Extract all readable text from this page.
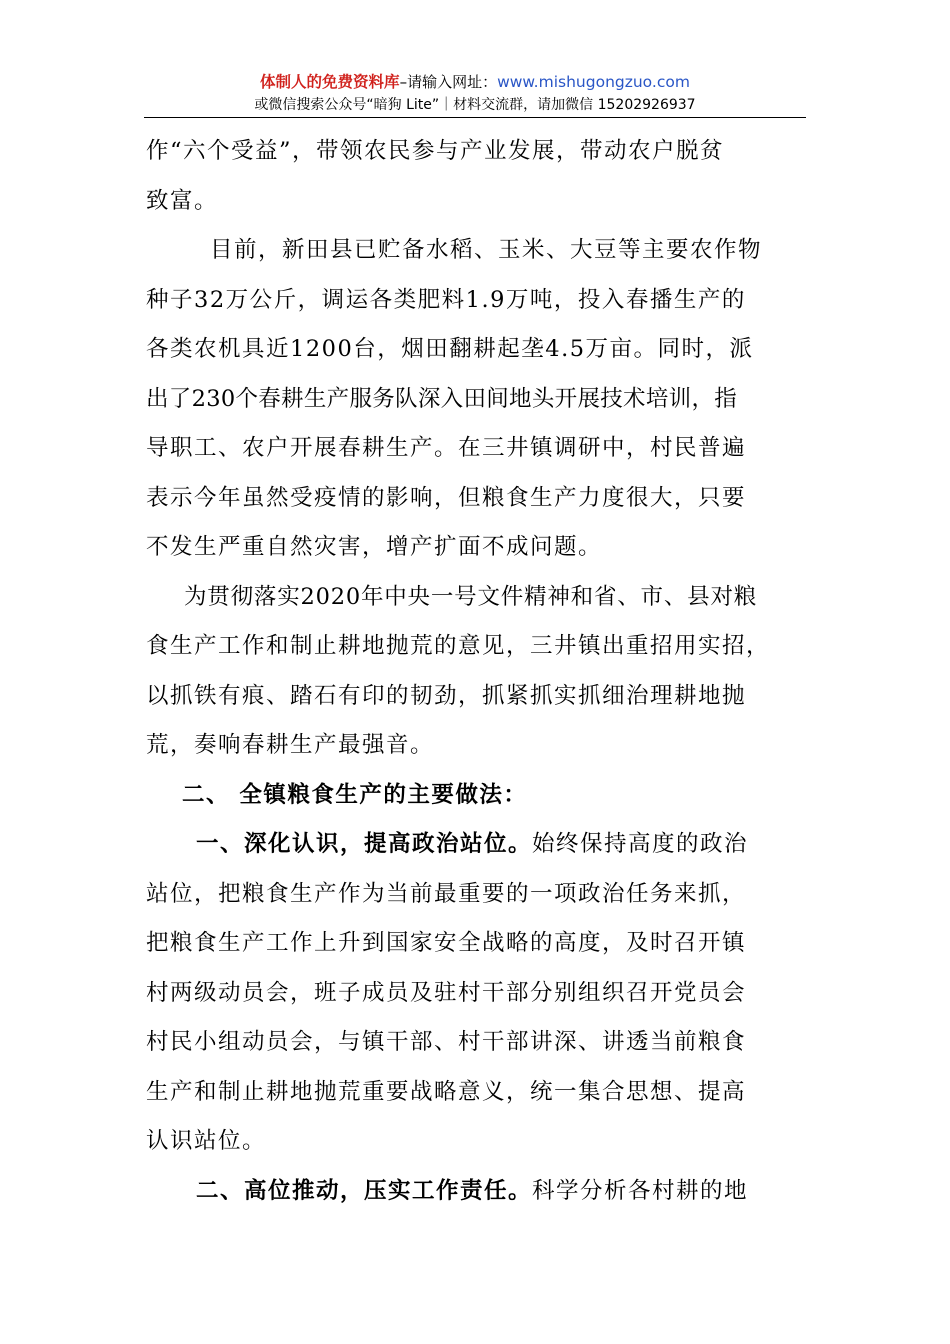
体制人的免费资料库–请输入网址：www.mishugongzuo.com
或微信搜索公众号“暗狗 Lite”｜材料交流群，请加微信 15202926937

作“六个受益”，带领农民参与产业发展，带动农户脱贫

致富。

目前，新田县已贮备水稻、玉米、大豆等主要农作物

种子32万公斤，调运各类肥料1.9万吨，投入春播生产的

各类农机具近1200台，烟田翻耕起垄4.5万亩。同时，派

出了230个春耕生产服务队深入田间地头开展技术培训，指

导职工、农户开展春耕生产。在三井镇调研中，村民普遍

表示今年虽然受疫情的影响，但粮食生产力度很大，只要

不发生严重自然灾害，增产扩面不成问题。

为贯彻落实2020年中央一号文件精神和省、市、县对粮

食生产工作和制止耕地抛荒的意见，三井镇出重招用实招，

以抓铁有痕、踏石有印的韧劲，抓紧抓实抓细治理耕地抛

荒，奏响春耕生产最强音。

二、 全镇粮食生产的主要做法：

一、深化认识，提高政治站位。始终保持高度的政治

站位，把粮食生产作为当前最重要的一项政治任务来抓，

把粮食生产工作上升到国家安全战略的高度，及时召开镇

村两级动员会，班子成员及驻村干部分别组织召开党员会

村民小组动员会，与镇干部、村干部讲深、讲透当前粮食

生产和制止耕地抛荒重要战略意义，统一集合思想、提高

认识站位。

二、高位推动，压实工作责任。科学分析各村耕的地
